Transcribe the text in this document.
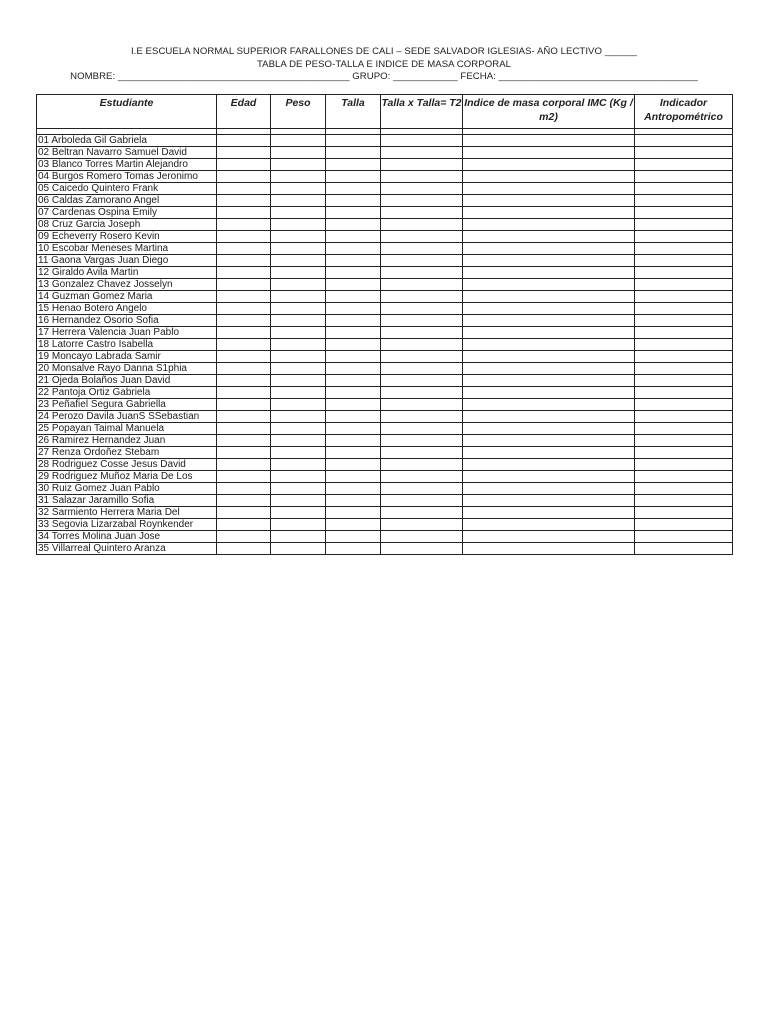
I.E ESCUELA NORMAL SUPERIOR FARALLONES DE CALI – SEDE SALVADOR IGLESIAS- AÑO LECTIVO ______
TABLA DE PESO-TALLA E INDICE DE MASA CORPORAL
NOMBRE: ___________________________________________ GRUPO: ____________ FECHA: _____________________________________
Estudiante	Edad	Peso	Talla	Talla x Talla= T2	Indice de masa corporal IMC (Kg / m2)	Indicador Antropométrico

01 Arboleda Gil Gabriela						
02 Beltran Navarro Samuel David						
03 Blanco Torres Martin Alejandro						
04 Burgos Romero Tomas Jeronimo						
05 Caicedo Quintero Frank						
06 Caldas Zamorano Angel						
07 Cardenas Ospina Emily						
08 Cruz Garcia Joseph						
09 Echeverry Rosero Kevin						
10 Escobar Meneses Martina						
11 Gaona Vargas Juan Diego						
12 Giraldo Avila Martin						
13 Gonzalez Chavez Josselyn						
14 Guzman Gomez Maria						
15 Henao Botero Angelo						
16 Hernandez Osorio Sofia						
17 Herrera Valencia Juan Pablo						
18 Latorre Castro Isabella						
19 Moncayo Labrada Samir						
20 Monsalve Rayo Danna S1phia						
21 Ojeda Bolaños Juan David						
22 Pantoja Ortiz Gabriela						
23 Peñafiel Segura Gabriella						
24 Perozo Davila JuanS SSebastian						
25 Popayan Taimal Manuela						
26 Ramirez Hernandez Juan						
27 Renza Ordoñez Stebam						
28 Rodriguez Cosse Jesus David						
29 Rodriguez Muñoz Maria De Los						
30 Ruiz Gomez Juan Pablo						
31 Salazar Jaramillo Sofia						
32 Sarmiento Herrera Maria Del						
33 Segovia Lizarzabal Roynkender						
34 Torres Molina Juan Jose						
35 Villarreal Quintero Aranza						
